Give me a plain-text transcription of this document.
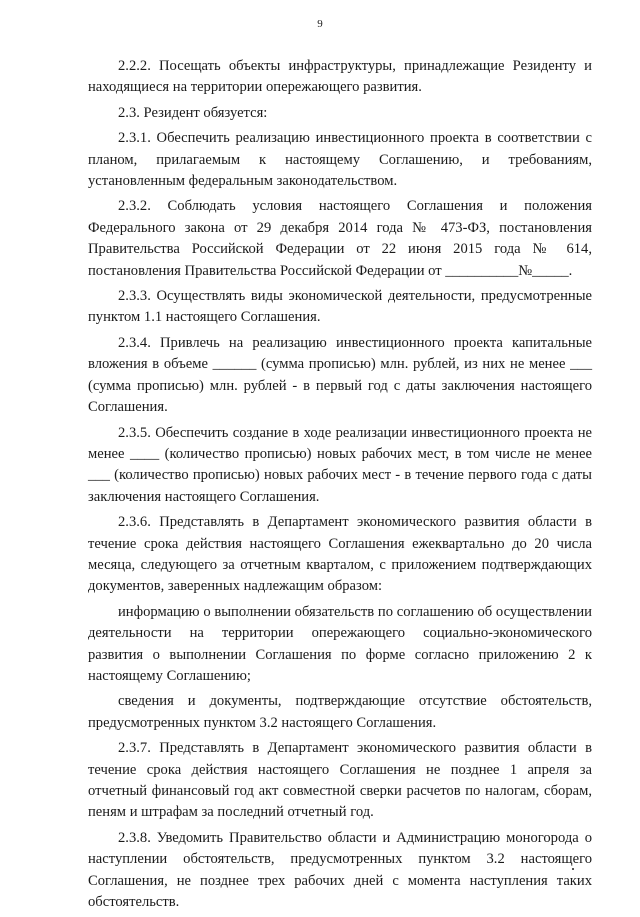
9

2.2.2. Посещать объекты инфраструктуры, принадлежащие Резиденту и находящиеся на территории опережающего развития.

2.3. Резидент обязуется:

2.3.1. Обеспечить реализацию инвестиционного проекта в соответствии с планом, прилагаемым к настоящему Соглашению, и требованиям, установленным федеральным законодательством.

2.3.2. Соблюдать условия настоящего Соглашения и положения Федерального закона от 29 декабря 2014 года № 473-ФЗ, постановления Правительства Российской Федерации от 22 июня 2015 года № 614, постановления Правительства Российской Федерации от __________№_____.

2.3.3. Осуществлять виды экономической деятельности, предусмотренные пунктом 1.1 настоящего Соглашения.

2.3.4. Привлечь на реализацию инвестиционного проекта капитальные вложения в объеме ______ (сумма прописью) млн. рублей, из них не менее ___ (сумма прописью) млн. рублей - в первый год с даты заключения настоящего Соглашения.

2.3.5. Обеспечить создание в ходе реализации инвестиционного проекта не менее ____ (количество прописью) новых рабочих мест, в том числе не менее ___ (количество прописью) новых рабочих мест - в течение первого года с даты заключения настоящего Соглашения.

2.3.6. Представлять в Департамент экономического развития области в течение срока действия настоящего Соглашения ежеквартально до 20 числа месяца, следующего за отчетным кварталом, с приложением подтверждающих документов, заверенных надлежащим образом:

информацию о выполнении обязательств по соглашению об осуществлении деятельности на территории опережающего социально-экономического развития о выполнении Соглашения по форме согласно приложению 2 к настоящему Соглашению;

сведения и документы, подтверждающие отсутствие обстоятельств, предусмотренных пунктом 3.2 настоящего Соглашения.

2.3.7. Представлять в Департамент экономического развития области в течение срока действия настоящего Соглашения не позднее 1 апреля за отчетный финансовый год акт совместной сверки расчетов по налогам, сборам, пеням и штрафам за последний отчетный год.

2.3.8. Уведомить Правительство области и Администрацию моногорода о наступлении обстоятельств, предусмотренных пунктом 3.2 настоящего Соглашения, не позднее трех рабочих дней с момента наступления таких обстоятельств.
